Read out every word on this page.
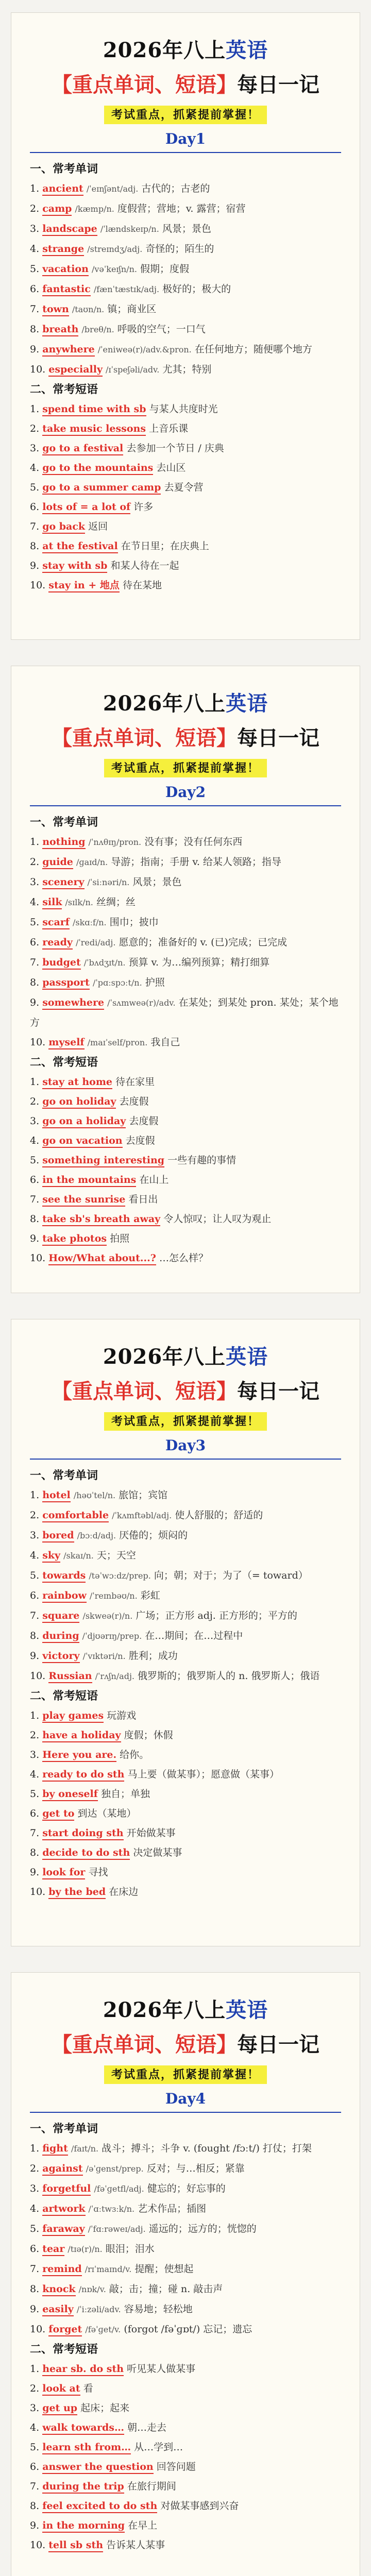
2026年八上英语
【重点单词、短语】每日一记
考试重点，抓紧提前掌握！
Day1
一、常考单词
1. ancient /ˈeɪnʃənt/adj. 古代的；古老的
2. camp /kæmp/n. 度假营；营地；v. 露营；宿营
3. landscape /ˈlændskeɪp/n. 风景；景色
4. strange /streɪndʒ/adj. 奇怪的；陌生的
5. vacation /vəˈkeɪʃn/n. 假期；度假
6. fantastic /fænˈtæstɪk/adj. 极好的；极大的
7. town /taʊn/n. 镇；商业区
8. breath /breθ/n. 呼吸的空气；一口气
9. anywhere /ˈeniweə(r)/adv.&pron. 在任何地方；随便哪个地方
10. especially /ɪˈspeʃəli/adv. 尤其；特别
二、常考短语
1. spend time with sb 与某人共度时光
2. take music lessons 上音乐课
3. go to a festival 去参加一个节日 / 庆典
4. go to the mountains 去山区
5. go to a summer camp 去夏令营
6. lots of = a lot of 许多
7. go back 返回
8. at the festival 在节日里；在庆典上
9. stay with sb 和某人待在一起
10. stay in + 地点 待在某地
2026年八上英语
【重点单词、短语】每日一记
考试重点，抓紧提前掌握！
Day2
一、常考单词
1. nothing /ˈnʌθɪŋ/pron. 没有事；没有任何东西
2. guide /ɡaɪd/n. 导游；指南；手册 v. 给某人领路；指导
3. scenery /ˈsiːnəri/n. 风景；景色
4. silk /sɪlk/n. 丝绸；丝
5. scarf /skɑːf/n. 围巾；披巾
6. ready /ˈredi/adj. 愿意的；准备好的 v. (已)完成；已完成
7. budget /ˈbʌdʒɪt/n. 预算 v. 为…编列预算；精打细算
8. passport /ˈpɑːspɔːt/n. 护照
9. somewhere /ˈsʌmweə(r)/adv. 在某处；到某处 pron. 某处；某个地方
10. myself /maɪˈself/pron. 我自己
二、常考短语
1. stay at home 待在家里
2. go on holiday 去度假
3. go on a holiday 去度假
4. go on vacation 去度假
5. something interesting 一些有趣的事情
6. in the mountains 在山上
7. see the sunrise 看日出
8. take sb's breath away 令人惊叹；让人叹为观止
9. take photos 拍照
10. How/What about...? …怎么样？
2026年八上英语
【重点单词、短语】每日一记
考试重点，抓紧提前掌握！
Day3
一、常考单词
1. hotel /həʊˈtel/n. 旅馆；宾馆
2. comfortable /ˈkʌmftəbl/adj. 使人舒服的；舒适的
3. bored /bɔːd/adj. 厌倦的；烦闷的
4. sky /skaɪ/n. 天；天空
5. towards /təˈwɔːdz/prep. 向；朝；对于；为了（= toward）
6. rainbow /ˈreɪnbəʊ/n. 彩虹
7. square /skweə(r)/n. 广场；正方形 adj. 正方形的；平方的
8. during /ˈdjʊərɪŋ/prep. 在…期间；在…过程中
9. victory /ˈvɪktəri/n. 胜利；成功
10. Russian /ˈrʌʃn/adj. 俄罗斯的；俄罗斯人的 n. 俄罗斯人；俄语
二、常考短语
1. play games 玩游戏
2. have a holiday 度假；休假
3. Here you are. 给你。
4. ready to do sth 马上要（做某事）；愿意做（某事）
5. by oneself 独自；单独
6. get to 到达（某地）
7. start doing sth 开始做某事
8. decide to do sth 决定做某事
9. look for 寻找
10. by the bed 在床边
2026年八上英语
【重点单词、短语】每日一记
考试重点，抓紧提前掌握！
Day4
一、常考单词
1. fight /faɪt/n. 战斗；搏斗；斗争 v. (fought /fɔːt/) 打仗；打架
2. against /əˈɡenst/prep. 反对；与…相反；紧靠
3. forgetful /fəˈɡetfl/adj. 健忘的；好忘事的
4. artwork /ˈɑːtwɜːk/n. 艺术作品；插图
5. faraway /ˈfɑːrəweɪ/adj. 遥远的；远方的；恍惚的
6. tear /tɪə(r)/n. 眼泪；泪水
7. remind /rɪˈmaɪnd/v. 提醒；使想起
8. knock /nɒk/v. 敲；击；撞；碰 n. 敲击声
9. easily /ˈiːzəli/adv. 容易地；轻松地
10. forget /fəˈɡet/v. (forgot /fəˈɡɒt/) 忘记；遗忘
二、常考短语
1. hear sb. do sth 听见某人做某事
2. look at 看
3. get up 起床；起来
4. walk towards… 朝…走去
5. learn sth from… 从…学到…
6. answer the question 回答问题
7. during the trip 在旅行期间
8. feel excited to do sth 对做某事感到兴奋
9. in the morning 在早上
10. tell sb sth 告诉某人某事
